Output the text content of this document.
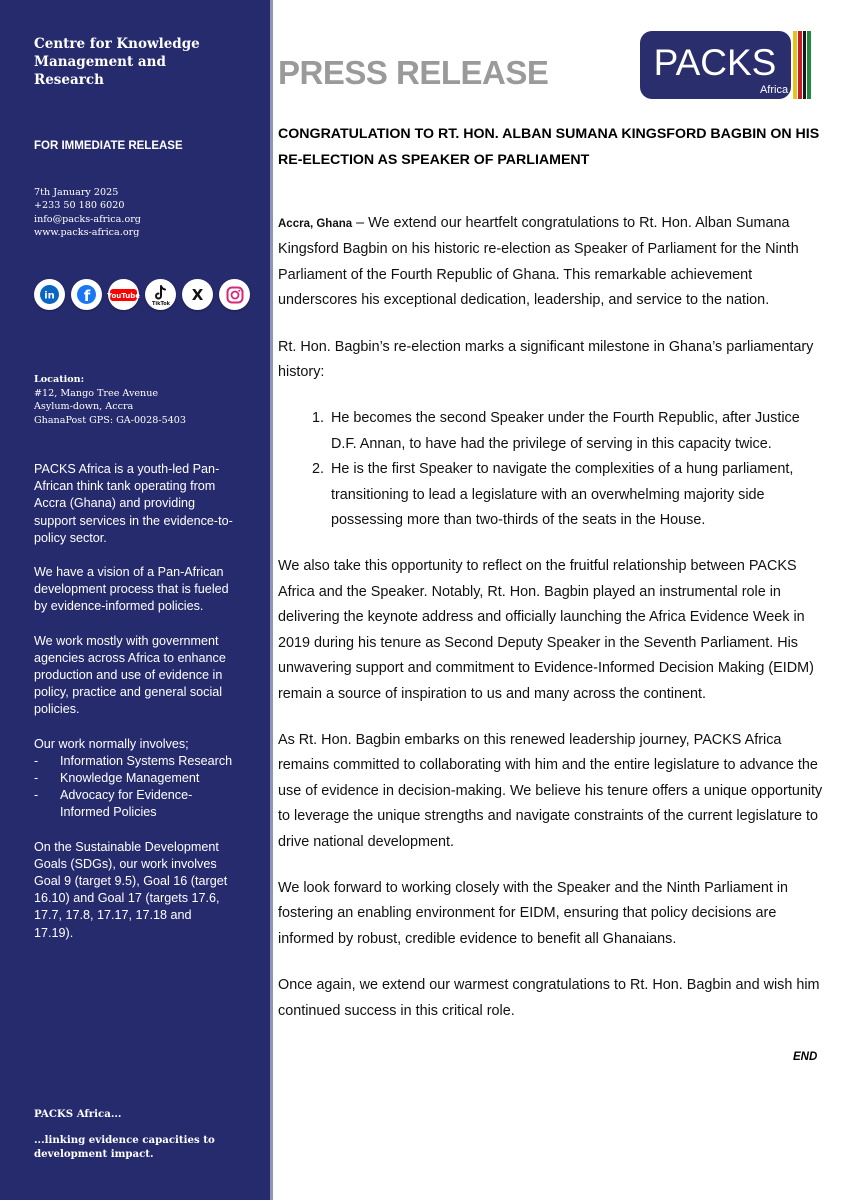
Centre for Knowledge Management and Research
FOR IMMEDIATE RELEASE
7th January 2025
+233 50 180 6020
info@packs-africa.org
www.packs-africa.org
in f YouTube
TikTok X
Location:
#12, Mango Tree Avenue
Asylum-down, Accra
GhanaPost GPS: GA-0028-5403

PACKS Africa is a youth-led Pan-African think tank operating from Accra (Ghana) and providing support services in the evidence-to-policy sector.

We have a vision of a Pan-African development process that is fueled by evidence-informed policies.

We work mostly with government agencies across Africa to enhance production and use of evidence in policy, practice and general social policies.

Our work normally involves;
- Information Systems Research
- Knowledge Management
- Advocacy for Evidence-Informed Policies

On the Sustainable Development Goals (SDGs), our work involves Goal 9 (target 9.5), Goal 16 (target 16.10) and Goal 17 (targets 17.6, 17.7, 17.8, 17.17, 17.18 and 17.19).

PACKS Africa...
...linking evidence capacities to development impact.
PRESS RELEASE	PACKS
Africa
CONGRATULATION TO RT. HON. ALBAN SUMANA KINGSFORD BAGBIN ON HIS RE-ELECTION AS SPEAKER OF PARLIAMENT

Accra, Ghana – We extend our heartfelt congratulations to Rt. Hon. Alban Sumana Kingsford Bagbin on his historic re-election as Speaker of Parliament for the Ninth Parliament of the Fourth Republic of Ghana. This remarkable achievement underscores his exceptional dedication, leadership, and service to the nation.

Rt. Hon. Bagbin’s re-election marks a significant milestone in Ghana’s parliamentary history:

1. He becomes the second Speaker under the Fourth Republic, after Justice D.F. Annan, to have had the privilege of serving in this capacity twice.
2. He is the first Speaker to navigate the complexities of a hung parliament, transitioning to lead a legislature with an overwhelming majority side possessing more than two-thirds of the seats in the House.

We also take this opportunity to reflect on the fruitful relationship between PACKS Africa and the Speaker. Notably, Rt. Hon. Bagbin played an instrumental role in delivering the keynote address and officially launching the Africa Evidence Week in 2019 during his tenure as Second Deputy Speaker in the Seventh Parliament. His unwavering support and commitment to Evidence-Informed Decision Making (EIDM) remain a source of inspiration to us and many across the continent.

As Rt. Hon. Bagbin embarks on this renewed leadership journey, PACKS Africa remains committed to collaborating with him and the entire legislature to advance the use of evidence in decision-making. We believe his tenure offers a unique opportunity to leverage the unique strengths and navigate constraints of the current legislature to drive national development.

We look forward to working closely with the Speaker and the Ninth Parliament in fostering an enabling environment for EIDM, ensuring that policy decisions are informed by robust, credible evidence to benefit all Ghanaians.

Once again, we extend our warmest congratulations to Rt. Hon. Bagbin and wish him continued success in this critical role.

END
